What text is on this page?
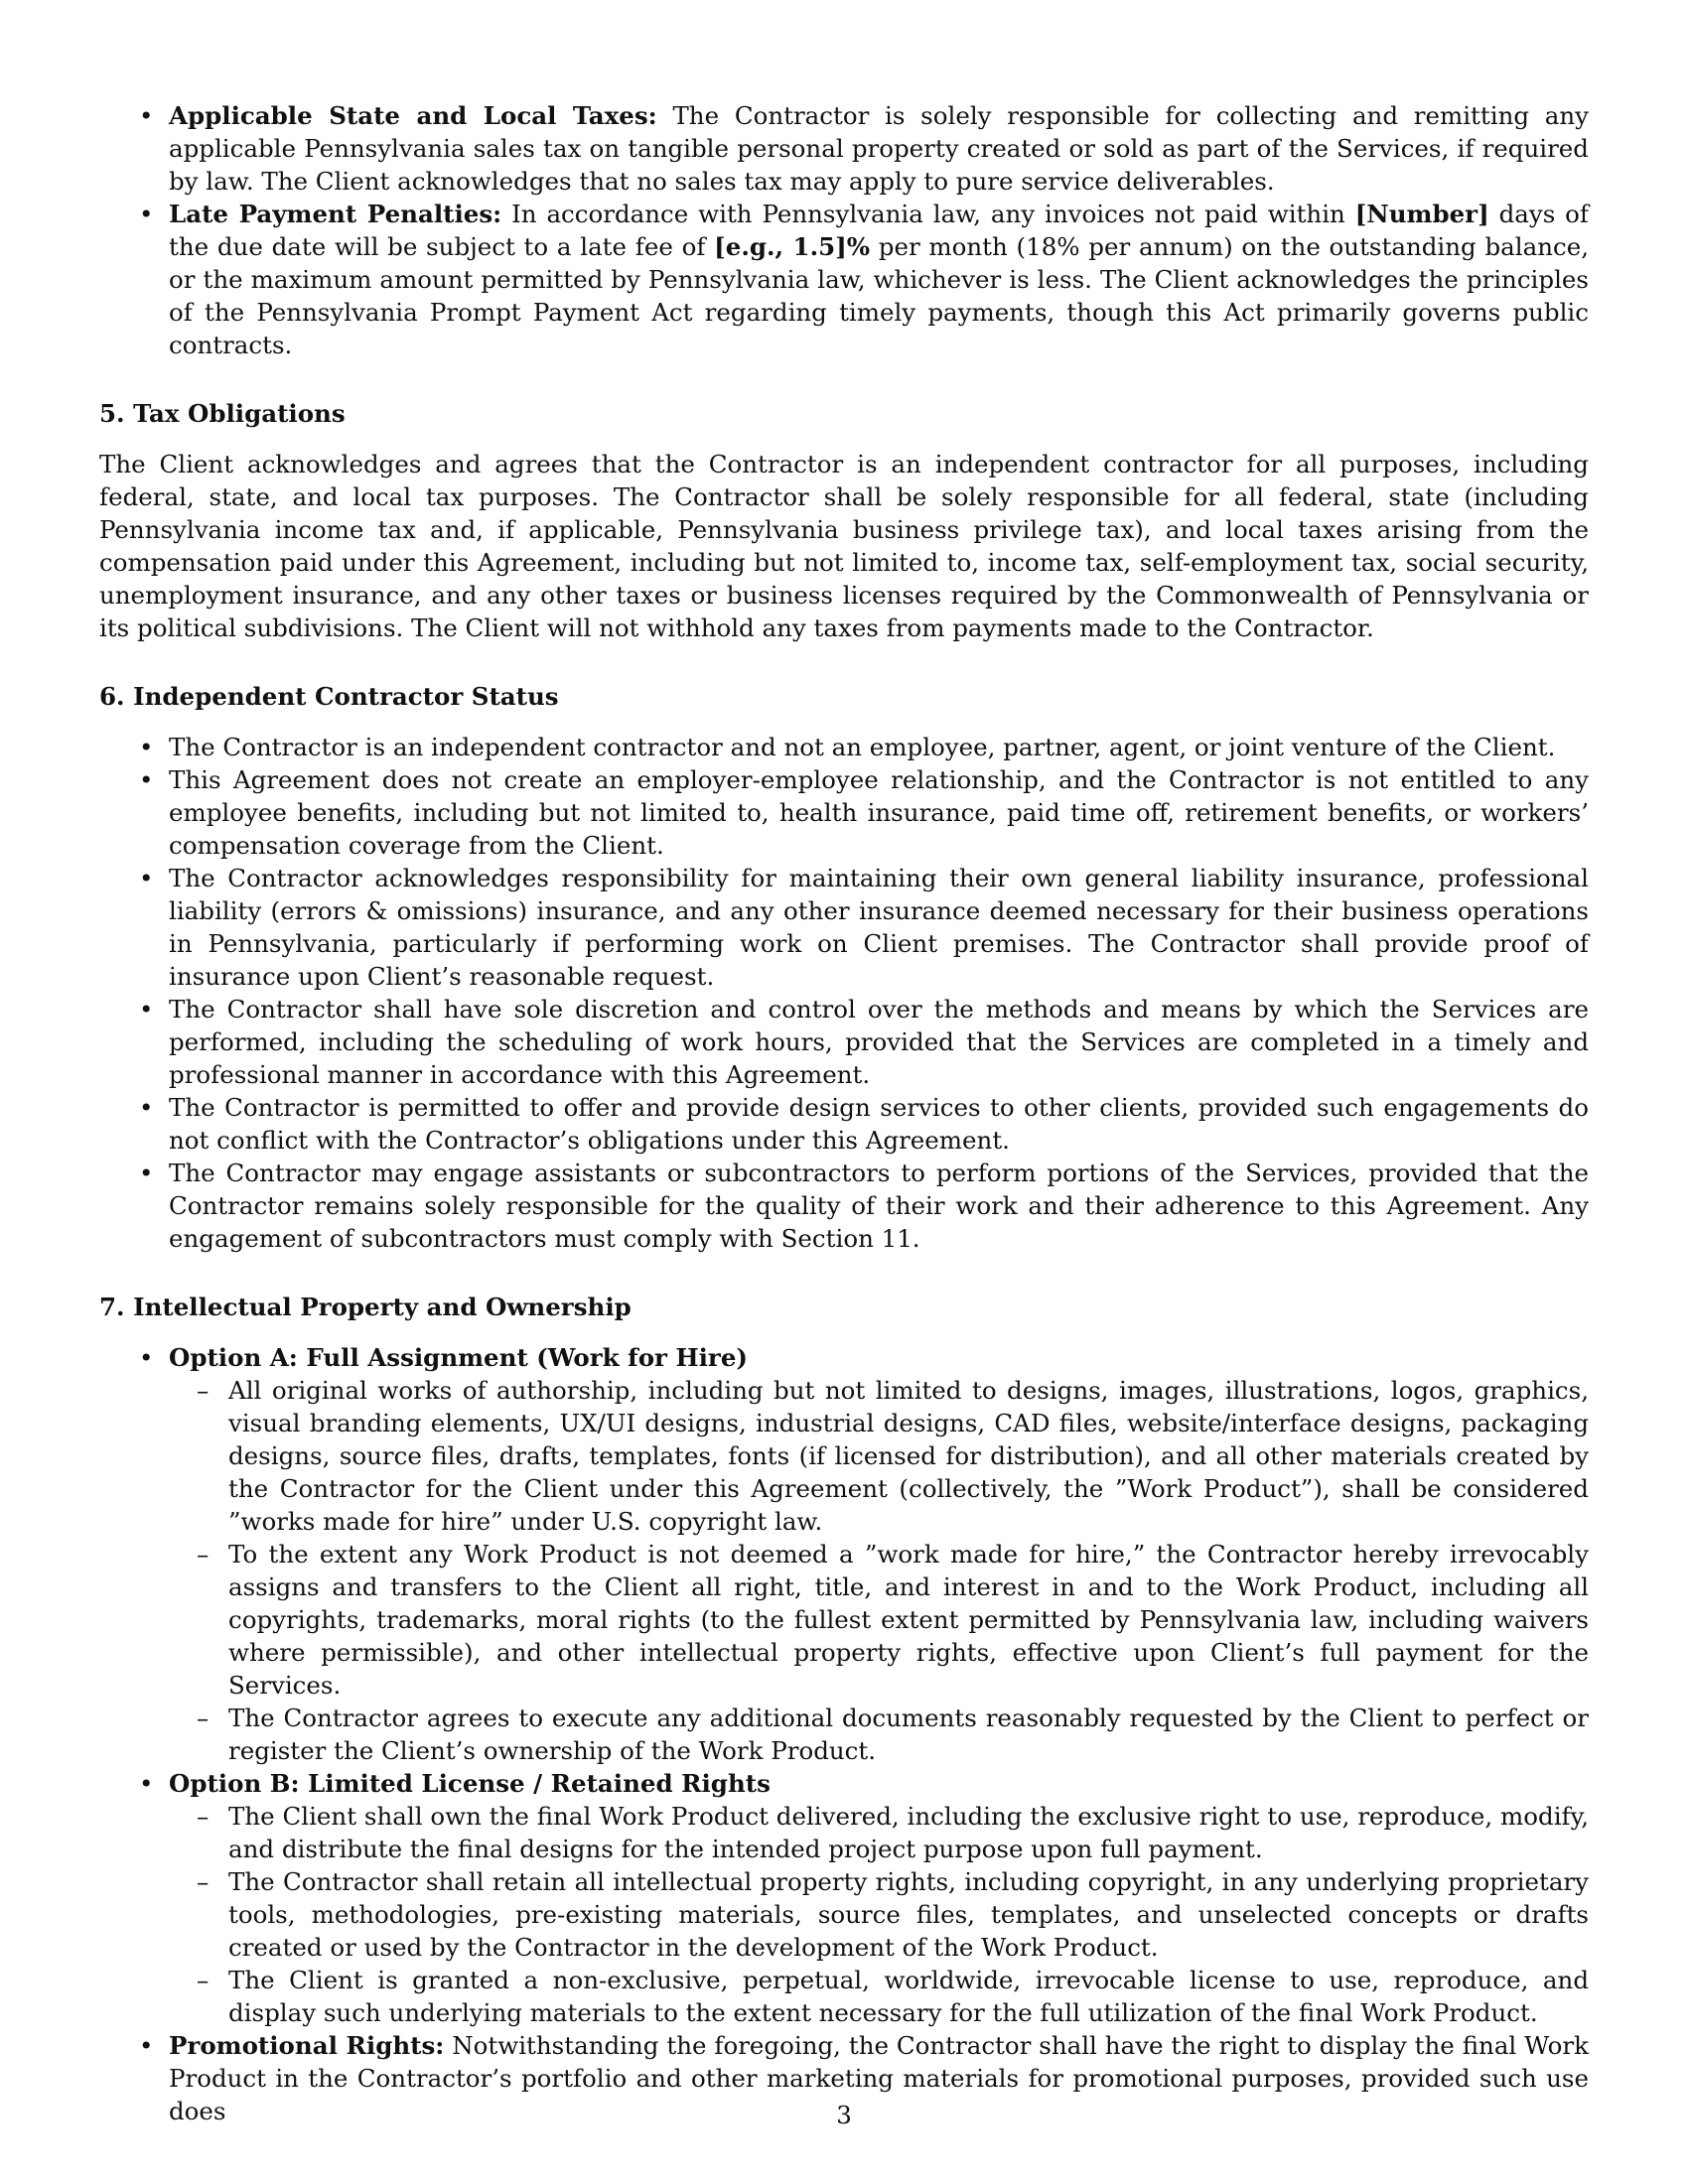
• Applicable State and Local Taxes: The Contractor is solely responsible for collecting and remitting any applicable Pennsylvania sales tax on tangible personal property created or sold as part of the Services, if required by law. The Client acknowledges that no sales tax may apply to pure service deliverables.
• Late Payment Penalties: In accordance with Pennsylvania law, any invoices not paid within [Number] days of the due date will be subject to a late fee of [e.g., 1.5]% per month (18% per annum) on the outstanding balance, or the maximum amount permitted by Pennsylvania law, whichever is less. The Client acknowledges the principles of the Pennsylvania Prompt Payment Act regarding timely payments, though this Act primarily governs public contracts.
5. Tax Obligations

The Client acknowledges and agrees that the Contractor is an independent contractor for all purposes, including federal, state, and local tax purposes. The Contractor shall be solely responsible for all federal, state (including Pennsylvania income tax and, if applicable, Pennsylvania business privilege tax), and local taxes arising from the compensation paid under this Agreement, including but not limited to, income tax, self-employment tax, social security, unemployment insurance, and any other taxes or business licenses required by the Commonwealth of Pennsylvania or its political subdivisions. The Client will not withhold any taxes from payments made to the Contractor.

6. Independent Contractor Status
• The Contractor is an independent contractor and not an employee, partner, agent, or joint venture of the Client.
• This Agreement does not create an employer-employee relationship, and the Contractor is not entitled to any employee benefits, including but not limited to, health insurance, paid time off, retirement benefits, or workers’ compensation coverage from the Client.
• The Contractor acknowledges responsibility for maintaining their own general liability insurance, professional liability (errors & omissions) insurance, and any other insurance deemed necessary for their business operations in Pennsylvania, particularly if performing work on Client premises. The Contractor shall provide proof of insurance upon Client’s reasonable request.
• The Contractor shall have sole discretion and control over the methods and means by which the Services are performed, including the scheduling of work hours, provided that the Services are completed in a timely and professional manner in accordance with this Agreement.
• The Contractor is permitted to offer and provide design services to other clients, provided such engagements do not conflict with the Contractor’s obligations under this Agreement.
• The Contractor may engage assistants or subcontractors to perform portions of the Services, provided that the Contractor remains solely responsible for the quality of their work and their adherence to this Agreement. Any engagement of subcontractors must comply with Section 11.
7. Intellectual Property and Ownership
• Option A: Full Assignment (Work for Hire)
– All original works of authorship, including but not limited to designs, images, illustrations, logos, graphics, visual branding elements, UX/UI designs, industrial designs, CAD files, website/interface designs, packaging designs, source files, drafts, templates, fonts (if licensed for distribution), and all other materials created by the Contractor for the Client under this Agreement (collectively, the ”Work Product”), shall be considered ”works made for hire” under U.S. copyright law.
– To the extent any Work Product is not deemed a ”work made for hire,” the Contractor hereby irrevocably assigns and transfers to the Client all right, title, and interest in and to the Work Product, including all copyrights, trademarks, moral rights (to the fullest extent permitted by Pennsylvania law, including waivers where permissible), and other intellectual property rights, effective upon Client’s full payment for the Services.
– The Contractor agrees to execute any additional documents reasonably requested by the Client to perfect or register the Client’s ownership of the Work Product.
• Option B: Limited License / Retained Rights
– The Client shall own the final Work Product delivered, including the exclusive right to use, reproduce, modify, and distribute the final designs for the intended project purpose upon full payment.
– The Contractor shall retain all intellectual property rights, including copyright, in any underlying proprietary tools, methodologies, pre-existing materials, source files, templates, and unselected concepts or drafts created or used by the Contractor in the development of the Work Product.
– The Client is granted a non-exclusive, perpetual, worldwide, irrevocable license to use, reproduce, and display such underlying materials to the extent necessary for the full utilization of the final Work Product.
• Promotional Rights: Notwithstanding the foregoing, the Contractor shall have the right to display the final Work Product in the Contractor’s portfolio and other marketing materials for promotional purposes, provided such use does	3
